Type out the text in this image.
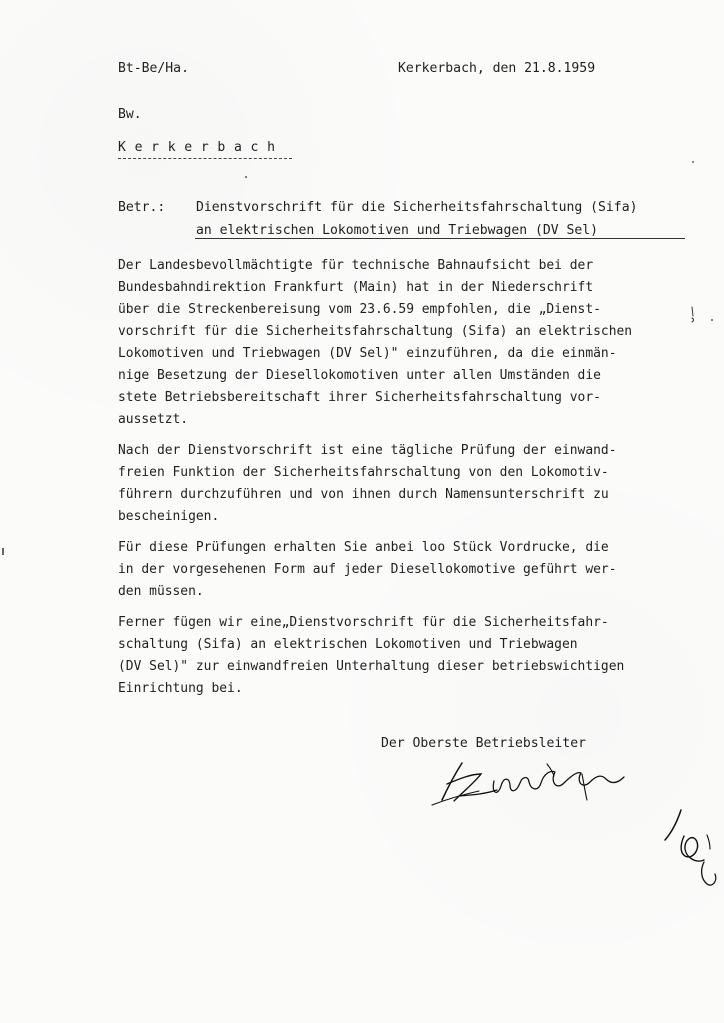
Bt-Be/Ha.	Kerkerbach, den 21.8.1959
Bw.
K e r k e r b a c h
Betr.: Dienstvorschrift für die Sicherheitsfahrschaltung (Sifa)
an elektrischen Lokomotiven und Triebwagen (DV Sel)
Der Landesbevollmächtigte für technische Bahnaufsicht bei der
Bundesbahndirektion Frankfurt (Main) hat in der Niederschrift
über die Streckenbereisung vom 23.6.59 empfohlen, die „Dienst-
vorschrift für die Sicherheitsfahrschaltung (Sifa) an elektrischen
Lokomotiven und Triebwagen (DV Sel)" einzuführen, da die einmän-
nige Besetzung der Diesellokomotiven unter allen Umständen die
stete Betriebsbereitschaft ihrer Sicherheitsfahrschaltung vor-
aussetzt.
Nach der Dienstvorschrift ist eine tägliche Prüfung der einwand-
freien Funktion der Sicherheitsfahrschaltung von den Lokomotiv-
führern durchzuführen und von ihnen durch Namensunterschrift zu
bescheinigen.
Für diese Prüfungen erhalten Sie anbei loo Stück Vordrucke, die
in der vorgesehenen Form auf jeder Diesellokomotive geführt wer-
den müssen.
Ferner fügen wir eine„Dienstvorschrift für die Sicherheitsfahr-
schaltung (Sifa) an elektrischen Lokomotiven und Triebwagen
(DV Sel)" zur einwandfreien Unterhaltung dieser betriebswichtigen
Einrichtung bei.
Der Oberste Betriebsleiter
